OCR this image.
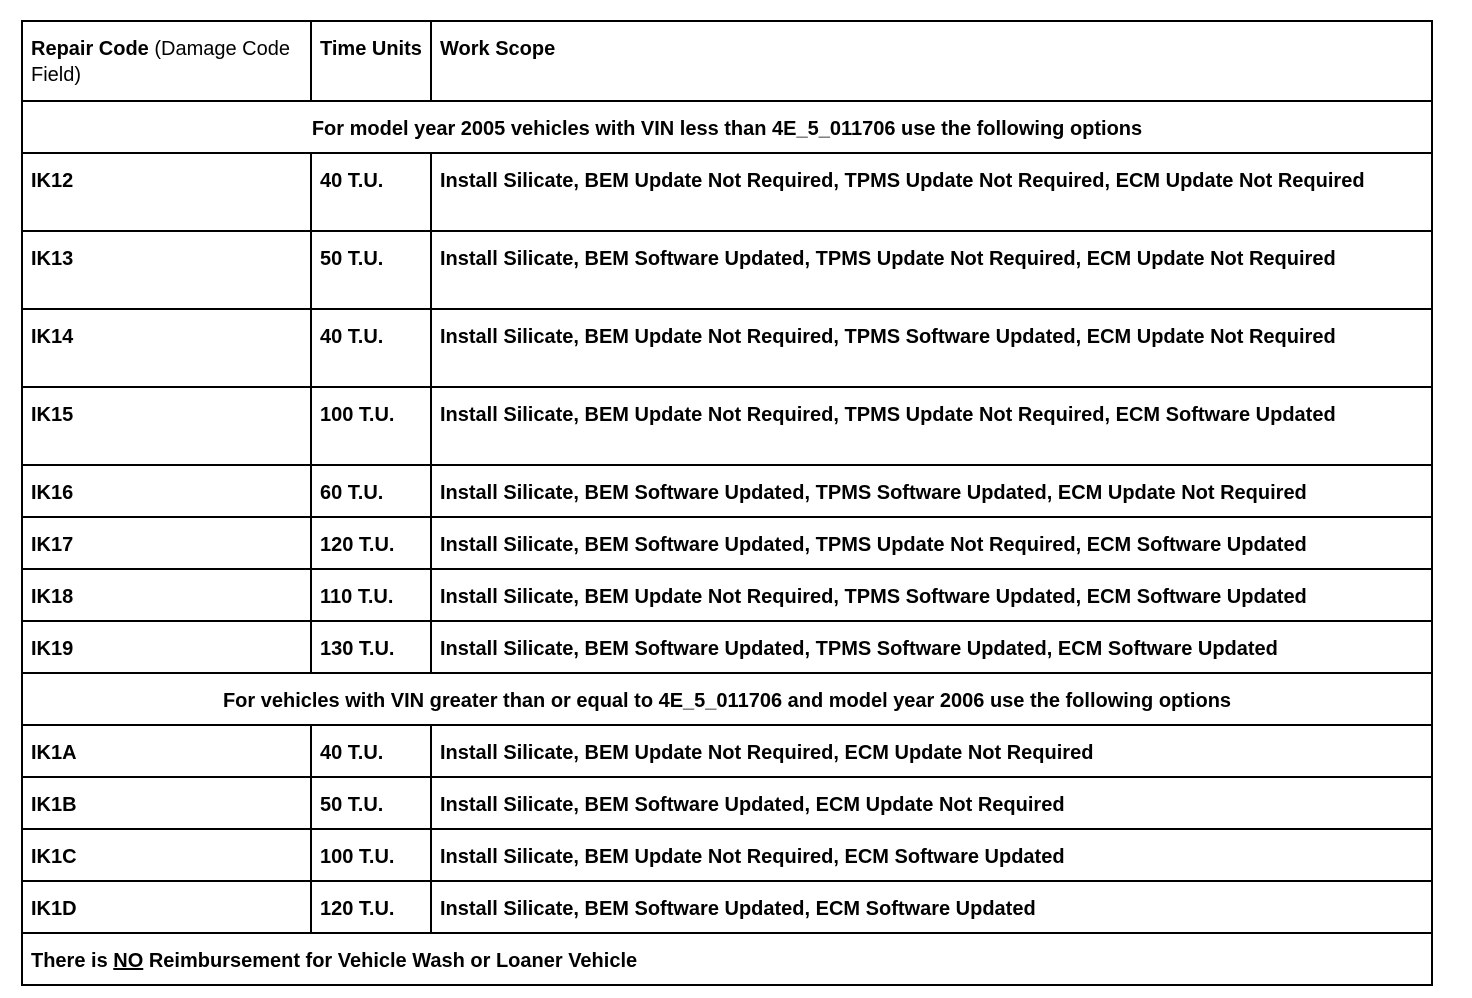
Repair Code (Damage Code Field)	Time Units	Work Scope
For model year 2005 vehicles with VIN less than 4E_5_011706 use the following options		
IK12	40 T.U.	Install Silicate, BEM Update Not Required, TPMS Update Not Required, ECM Update Not Required
IK13	50 T.U.	Install Silicate, BEM Software Updated, TPMS Update Not Required, ECM Update Not Required
IK14	40 T.U.	Install Silicate, BEM Update Not Required, TPMS Software Updated, ECM Update Not Required
IK15	100 T.U.	Install Silicate, BEM Update Not Required, TPMS Update Not Required, ECM Software Updated
IK16	60 T.U.	Install Silicate, BEM Software Updated, TPMS Software Updated, ECM Update Not Required
IK17	120 T.U.	Install Silicate, BEM Software Updated, TPMS Update Not Required, ECM Software Updated
IK18	110 T.U.	Install Silicate, BEM Update Not Required, TPMS Software Updated, ECM Software Updated
IK19	130 T.U.	Install Silicate, BEM Software Updated, TPMS Software Updated, ECM Software Updated
For vehicles with VIN greater than or equal to 4E_5_011706 and model year 2006 use the following options		
IK1A	40 T.U.	Install Silicate, BEM Update Not Required, ECM Update Not Required
IK1B	50 T.U.	Install Silicate, BEM Software Updated, ECM Update Not Required
IK1C	100 T.U.	Install Silicate, BEM Update Not Required, ECM Software Updated
IK1D	120 T.U.	Install Silicate, BEM Software Updated, ECM Software Updated
There is NO Reimbursement for Vehicle Wash or Loaner Vehicle		
